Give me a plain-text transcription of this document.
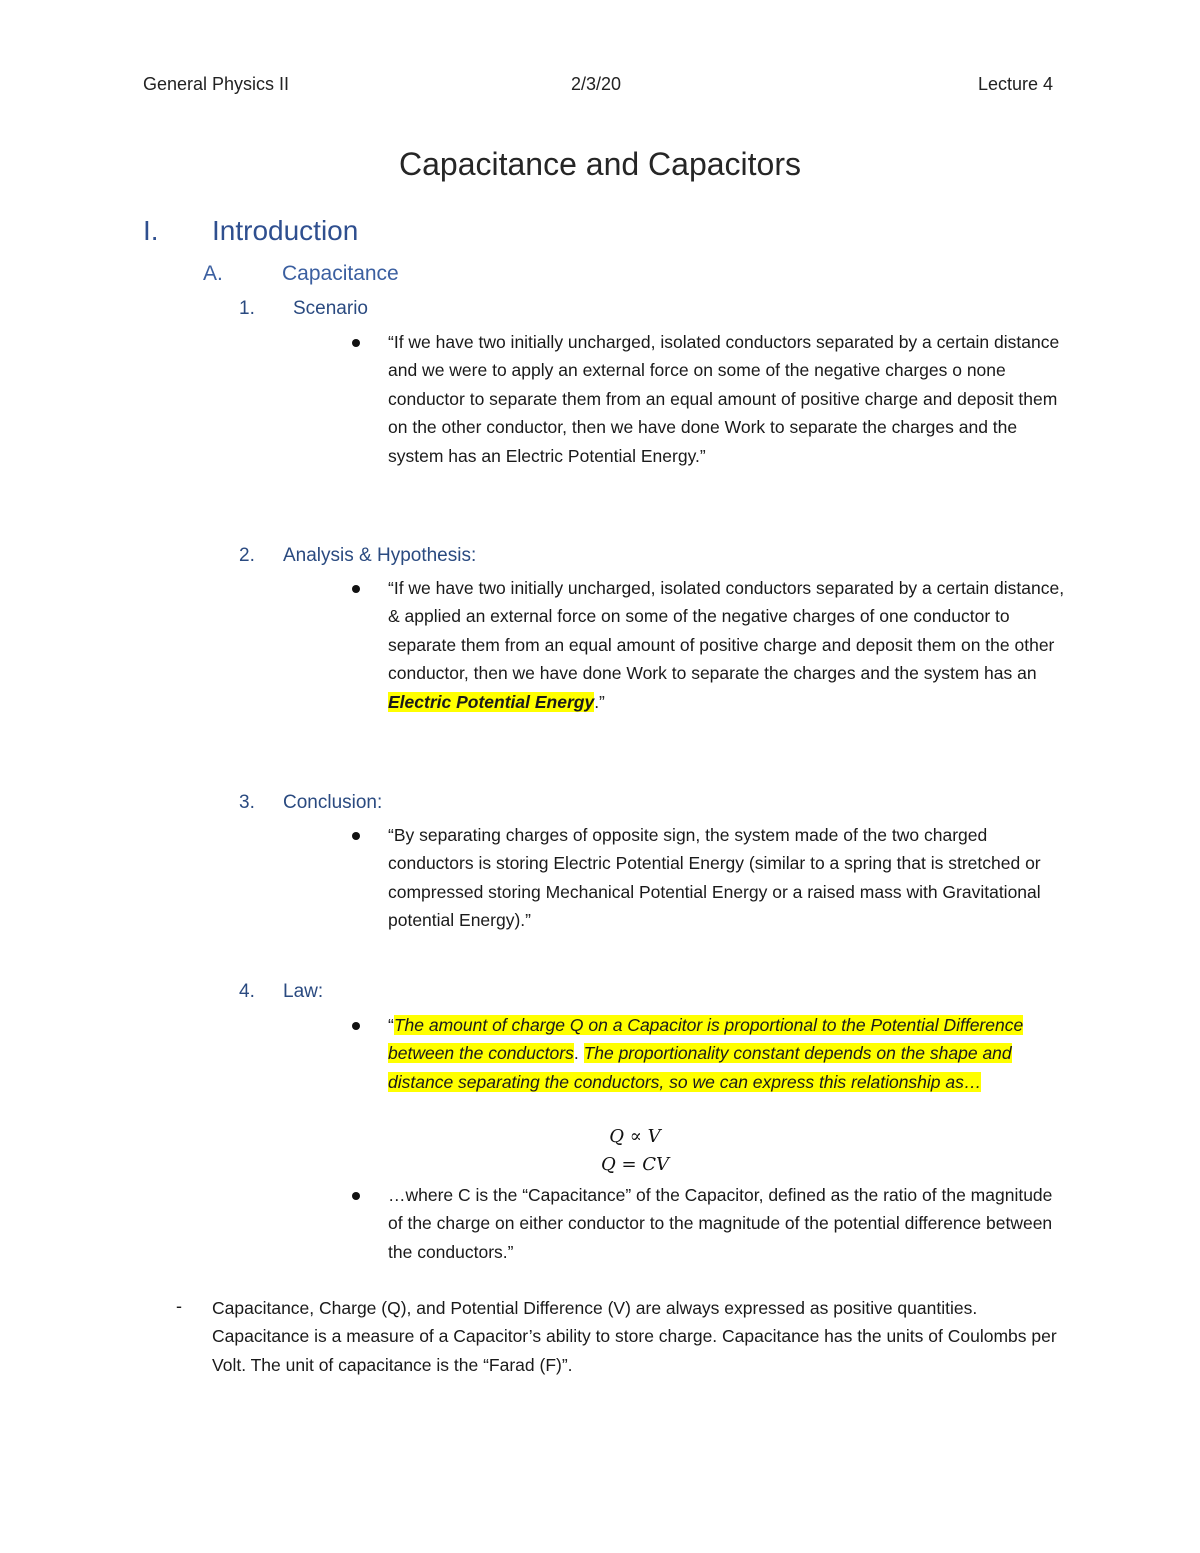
General Physics II	2/3/20	Lecture 4
Capacitance and Capacitors
I. Introduction
A.	Capacitance
1. Scenario
“If we have two initially uncharged, isolated conductors separated by a certain distance and we were to apply an external force on some of the negative charges o none conductor to separate them from an equal amount of positive charge and deposit them on the other conductor, then we have done Work to separate the charges and the system has an Electric Potential Energy.”
2. Analysis & Hypothesis:
“If we have two initially uncharged, isolated conductors separated by a certain distance, & applied an external force on some of the negative charges of one conductor to separate them from an equal amount of positive charge and deposit them on the other conductor, then we have done Work to separate the charges and the system has an Electric Potential Energy.”
3. Conclusion:
“By separating charges of opposite sign, the system made of the two charged conductors is storing Electric Potential Energy (similar to a spring that is stretched or compressed storing Mechanical Potential Energy or a raised mass with Gravitational potential Energy).”
4. Law:
“The amount of charge Q on a Capacitor is proportional to the Potential Difference between the conductors. The proportionality constant depends on the shape and distance separating the conductors, so we can express this relationship as…
Q ∝ V
Q = CV
…where C is the “Capacitance” of the Capacitor, defined as the ratio of the magnitude of the charge on either conductor to the magnitude of the potential difference between the conductors.”
- Capacitance, Charge (Q), and Potential Difference (V) are always expressed as positive quantities. Capacitance is a measure of a Capacitor’s ability to store charge. Capacitance has the units of Coulombs per Volt. The unit of capacitance is the “Farad (F)”.
